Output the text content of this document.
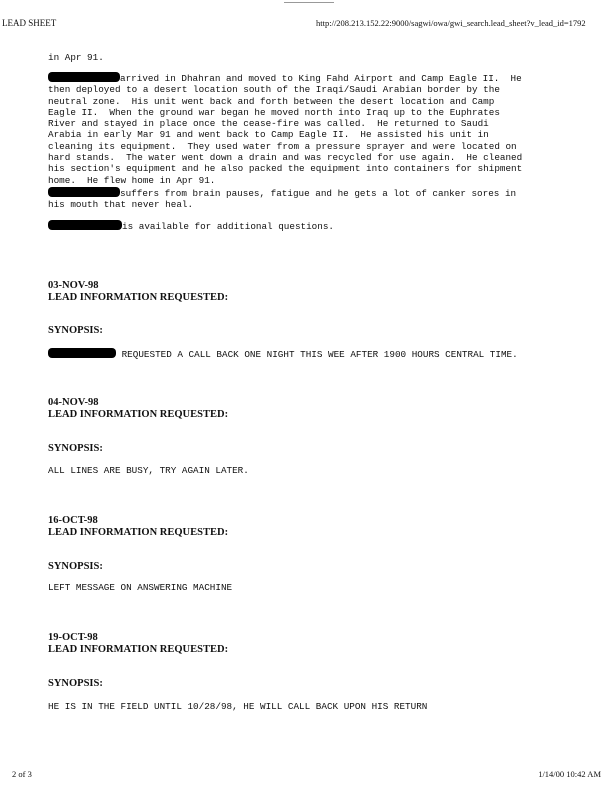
LEAD SHEET	http://208.213.152.22:9000/sagwi/owa/gwi_search.lead_sheet?v_lead_id=1792
in Apr 91.
arrived in Dhahran and moved to King Fahd Airport and Camp Eagle II.  He
then deployed to a desert location south of the Iraqi/Saudi Arabian border by the
neutral zone.  His unit went back and forth between the desert location and Camp
Eagle II.  When the ground war began he moved north into Iraq up to the Euphrates
River and stayed in place once the cease-fire was called.  He returned to Saudi
Arabia in early Mar 91 and went back to Camp Eagle II.  He assisted his unit in
cleaning its equipment.  They used water from a pressure sprayer and were located on
hard stands.  The water went down a drain and was recycled for use again.  He cleaned
his section's equipment and he also packed the equipment into containers for shipment
home.  He flew home in Apr 91.
suffers from brain pauses, fatigue and he gets a lot of canker sores in
his mouth that never heal.
is available for additional questions.
03-NOV-98
LEAD INFORMATION REQUESTED:
SYNOPSIS:
REQUESTED A CALL BACK ONE NIGHT THIS WEE AFTER 1900 HOURS CENTRAL TIME.
04-NOV-98
LEAD INFORMATION REQUESTED:
SYNOPSIS:
ALL LINES ARE BUSY, TRY AGAIN LATER.
16-OCT-98
LEAD INFORMATION REQUESTED:
SYNOPSIS:
LEFT MESSAGE ON ANSWERING MACHINE
19-OCT-98
LEAD INFORMATION REQUESTED:
SYNOPSIS:
HE IS IN THE FIELD UNTIL 10/28/98, HE WILL CALL BACK UPON HIS RETURN
2 of 3	1/14/00 10:42 AM
